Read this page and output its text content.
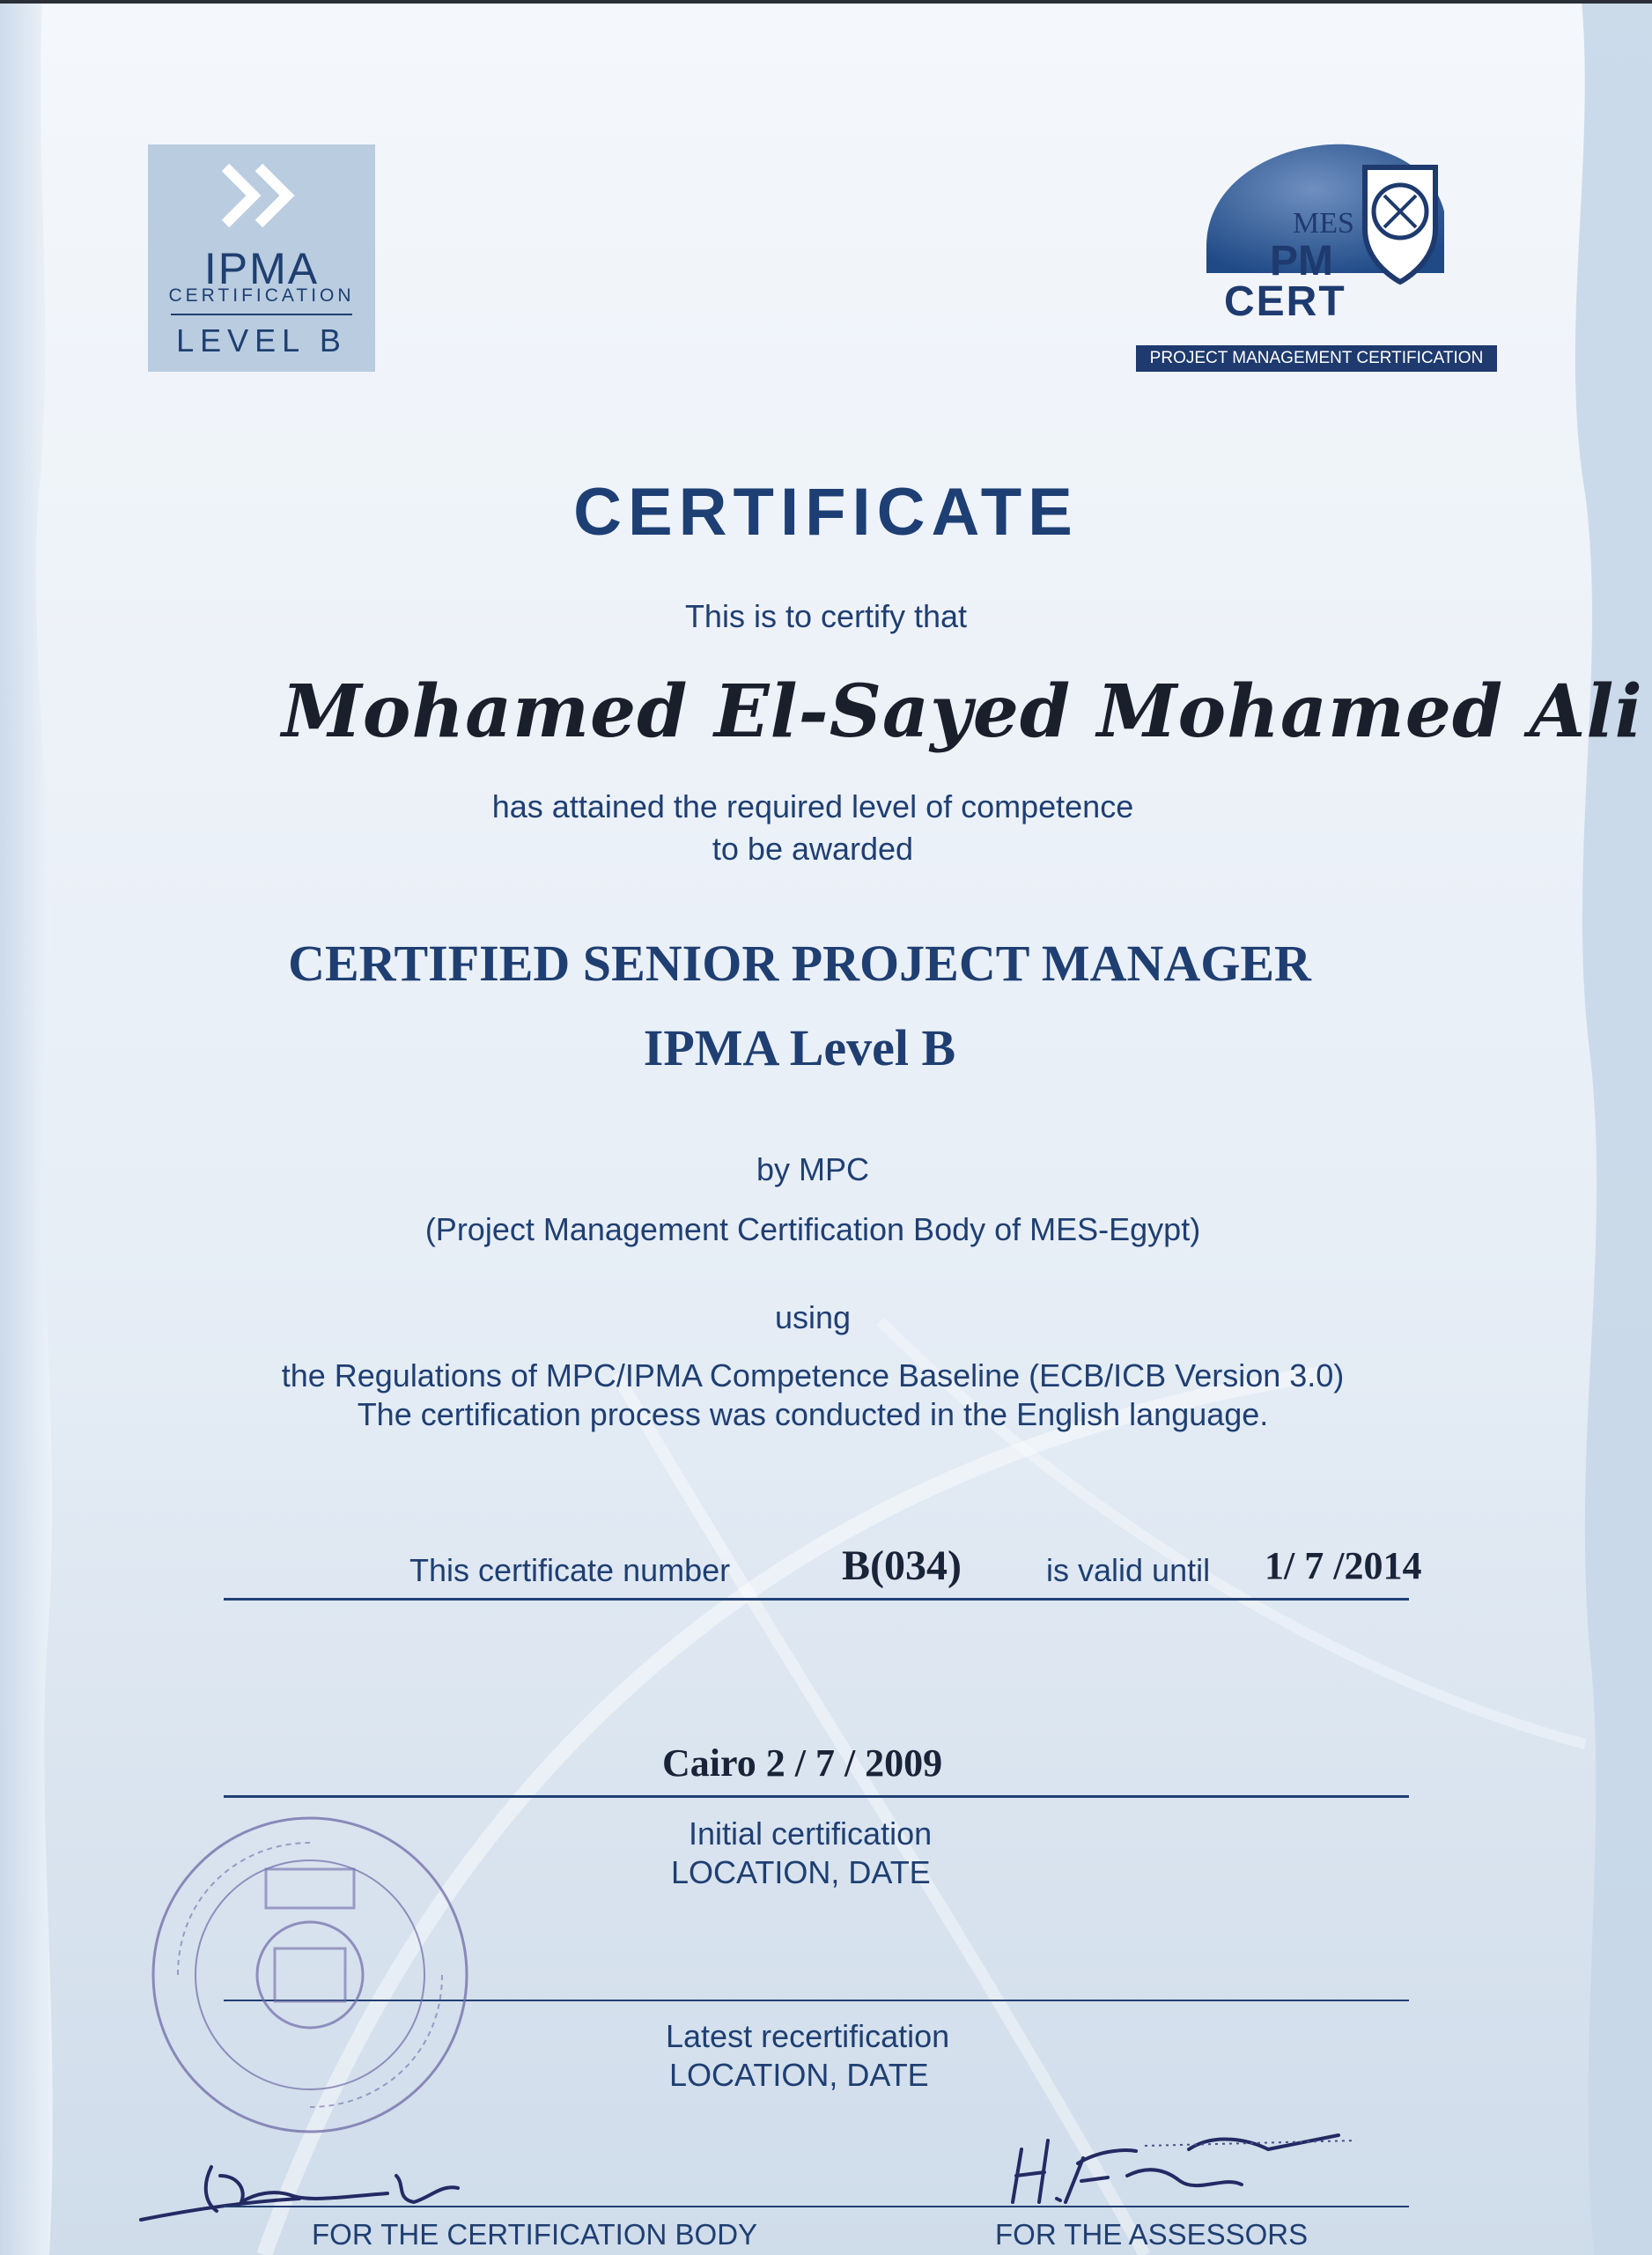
IPMA
CERTIFICATION
LEVEL B
MES
PM
CERT
PROJECT MANAGEMENT CERTIFICATION
CERTIFICATE
This is to certify that
Mohamed El-Sayed Mohamed Ali
has attained the required level of competence
to be awarded
CERTIFIED SENIOR PROJECT MANAGER
IPMA Level B
by MPC
(Project Management Certification Body of MES-Egypt)
using
the Regulations of MPC/IPMA Competence Baseline (ECB/ICB Version 3.0)
The certification process was conducted in the English language.
This certificate number	B(034)	is valid until 1/ 7 /2014
Cairo 2 / 7 / 2009
Initial certification
LOCATION, DATE
Latest recertification
LOCATION, DATE
FOR THE CERTIFICATION BODY	FOR THE ASSESSORS
